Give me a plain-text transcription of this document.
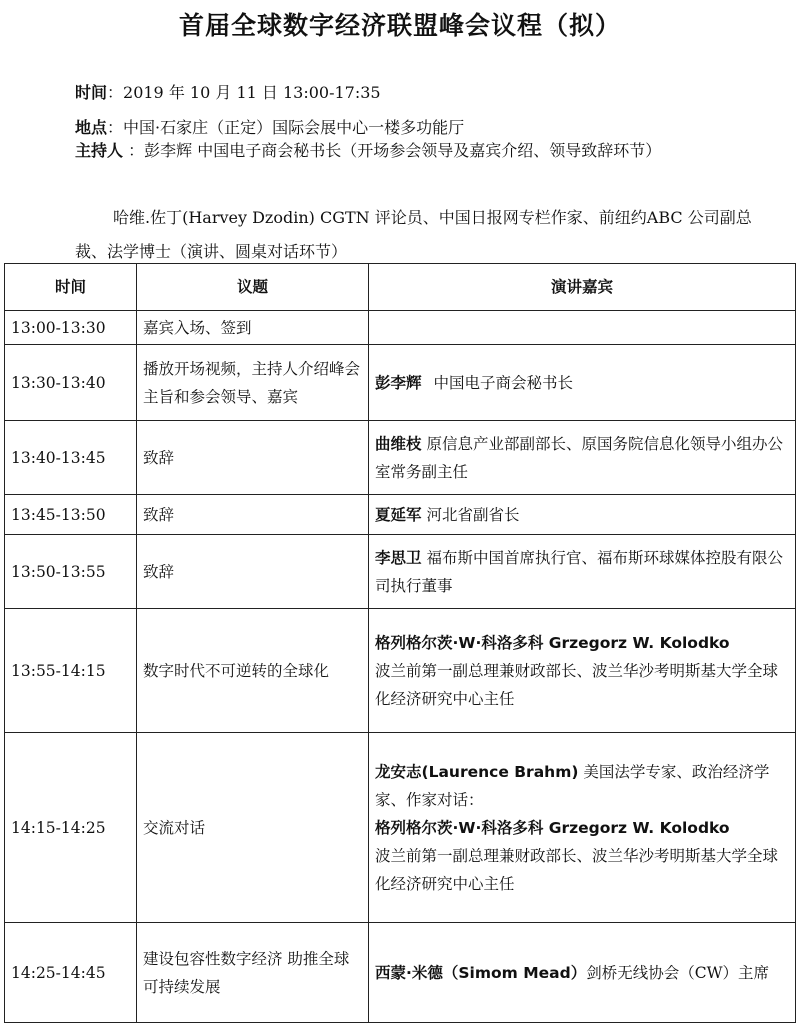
首届全球数字经济联盟峰会议程（拟）
时间：2019 年 10 月 11 日 13:00-17:35
地点：中国·石家庄（正定）国际会展中心一楼多功能厅
主持人 ：彭李辉 中国电子商会秘书长（开场参会领导及嘉宾介绍、领导致辞环节）
哈维.佐丁(Harvey Dzodin) CGTN 评论员、中国日报网专栏作家、前纽约ABC 公司副总裁、法学博士（演讲、圆桌对话环节）
时间	议题	演讲嘉宾
13:00-13:30	嘉宾入场、签到	
13:30-13:40	播放开场视频，主持人介绍峰会主旨和参会领导、嘉宾	彭李辉 中国电子商会秘书长
13:40-13:45	致辞	曲维枝 原信息产业部副部长、原国务院信息化领导小组办公室常务副主任
13:45-13:50	致辞	夏延军 河北省副省长
13:50-13:55	致辞	李思卫 福布斯中国首席执行官、福布斯环球媒体控股有限公司执行董事
13:55-14:15	数字时代不可逆转的全球化	格列格尔茨·W·科洛多科 Grzegorz W. Kolodko
波兰前第一副总理兼财政部长、波兰华沙考明斯基大学全球化经济研究中心主任
14:15-14:25	交流对话	龙安志(Laurence Brahm) 美国法学专家、政治经济学家、作家对话：
格列格尔茨·W·科洛多科 Grzegorz W. Kolodko
波兰前第一副总理兼财政部长、波兰华沙考明斯基大学全球化经济研究中心主任
14:25-14:45	建设包容性数字经济 助推全球可持续发展	西蒙·米德（Simom Mead）剑桥无线协会（CW）主席
